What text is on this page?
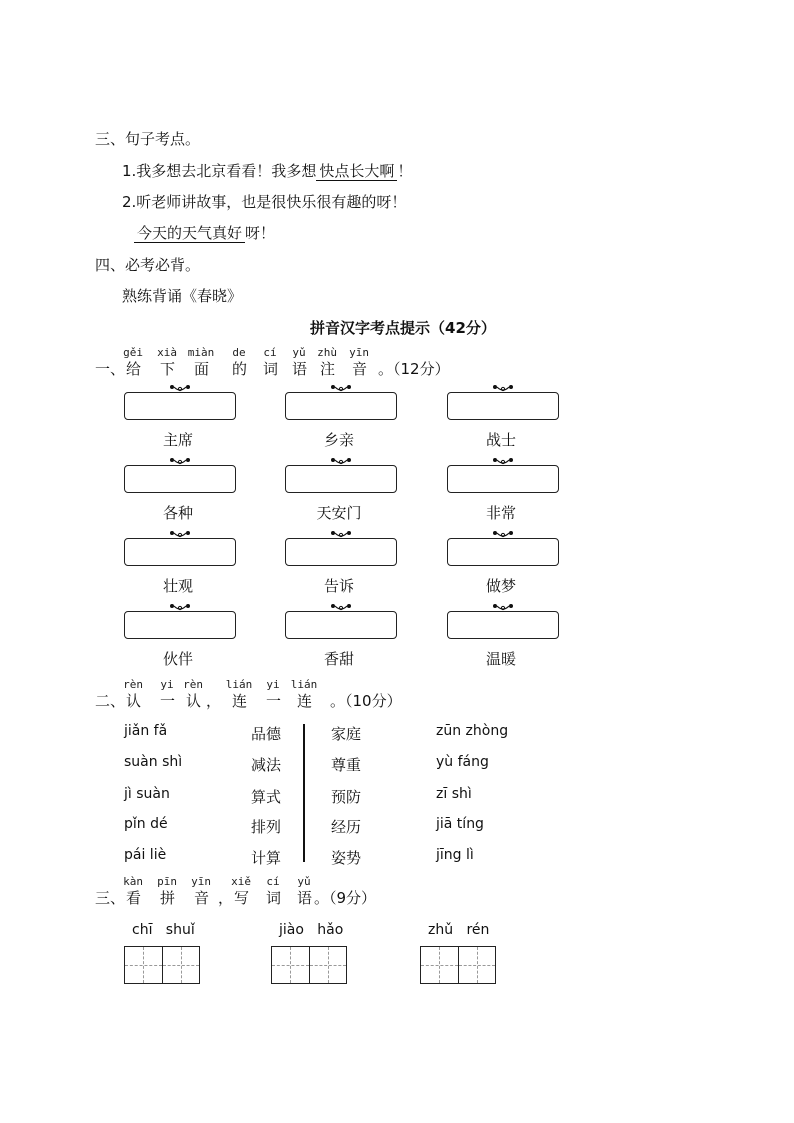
三、句子考点。
1.我多想去北京看看！我多想 快点长大啊 ！
2.听老师讲故事，也是很快乐很有趣的呀！
今天的天气真好 呀！
四、必考必背。
熟练背诵《春晓》
拼音汉字考点提示（42分）
一、 给
gěi
下
xià
面
miàn
的
de
词
cí
语
yǔ
注
zhù
音
yīn
。（12分）
主席	乡亲	战士
各种	天安门	非常
壮观	告诉	做梦
伙伴	香甜	温暖
二、 认
rèn
一
yi
认
rèn
， 连
lián
一
yi
连
lián
。（10分）
jiǎn fǎ	品德	家庭	zūn zhòng
suàn shì	减法	尊重	yù fáng
jì suàn	算式	预防	zī shì
pǐn dé	排列	经历	jiā tíng
pái liè	计算	姿势	jīng lì
三、 看
kàn
拼
pīn
音
yīn
， 写
xiě
词
cí
语
yǔ
。（9分）
chī   shuǐ	jiào   hǎo	zhǔ   rén
